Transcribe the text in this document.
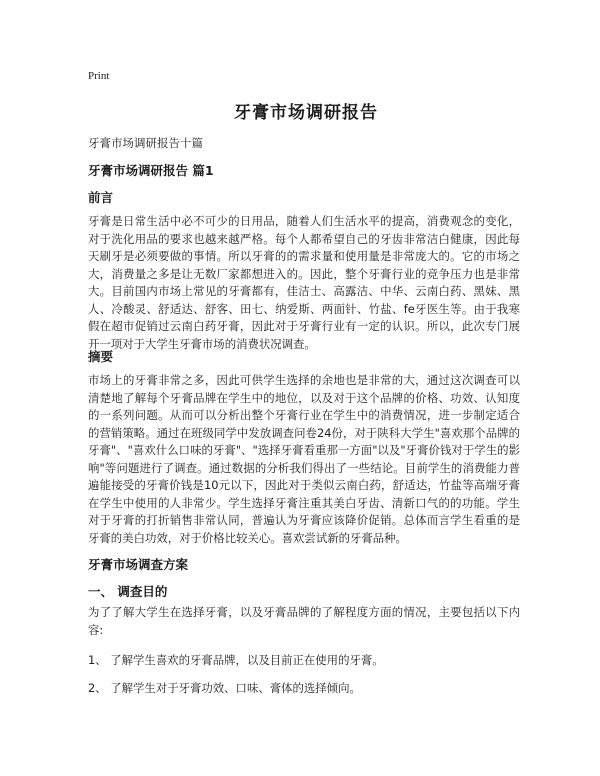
Print
牙膏市场调研报告
牙膏市场调研报告十篇
牙膏市场调研报告 篇1
前言

牙膏是日常生活中必不可少的日用品，随着人们生活水平的提高，消费观念的变化，对于洗化用品的要求也越来越严格。每个人都希望自己的牙齿非常洁白健康，因此每天刷牙是必须要做的事情。所以牙膏的的需求量和使用量是非常庞大的。它的市场之大，消费量之多是让无数厂家都想进入的。因此，整个牙膏行业的竞争压力也是非常大。目前国内市场上常见的牙膏都有，佳洁士、高露洁、中华、云南白药、黑妹、黑人、冷酸灵、舒适达、舒客、田七、纳爱斯、两面针、竹盐、fe牙医生等。由于我寒假在超市促销过云南白药牙膏，因此对于牙膏行业有一定的认识。所以，此次专门展开一项对于大学生牙膏市场的消费状况调查。

摘要

市场上的牙膏非常之多，因此可供学生选择的余地也是非常的大，通过这次调查可以清楚地了解每个牙膏品牌在学生中的地位，以及对于这个品牌的价格、功效、认知度的一系列问题。从而可以分析出整个牙膏行业在学生中的消费情况，进一步制定适合的营销策略。通过在班级同学中发放调查问卷24份，对于陕科大学生"喜欢那个品牌的牙膏"、"喜欢什么口味的牙膏"、"选择牙膏看重那一方面"以及"牙膏价钱对于学生的影响"等问题进行了调查。通过数据的分析我们得出了一些结论。目前学生的消费能力普遍能接受的牙膏价钱是10元以下，因此对于类似云南白药，舒适达，竹盐等高端牙膏在学生中使用的人非常少。学生选择牙膏注重其美白牙齿、清新口气的的功能。学生对于牙膏的打折销售非常认同，普遍认为牙膏应该降价促销。总体而言学生看重的是牙膏的美白功效，对于价格比较关心。喜欢尝试新的牙膏品种。

牙膏市场调查方案
一、 调查目的

为了了解大学生在选择牙膏，以及牙膏品牌的了解程度方面的情况，主要包括以下内容:

1、 了解学生喜欢的牙膏品牌，以及目前正在使用的牙膏。

2、 了解学生对于牙膏功效、口味、膏体的选择倾向。
